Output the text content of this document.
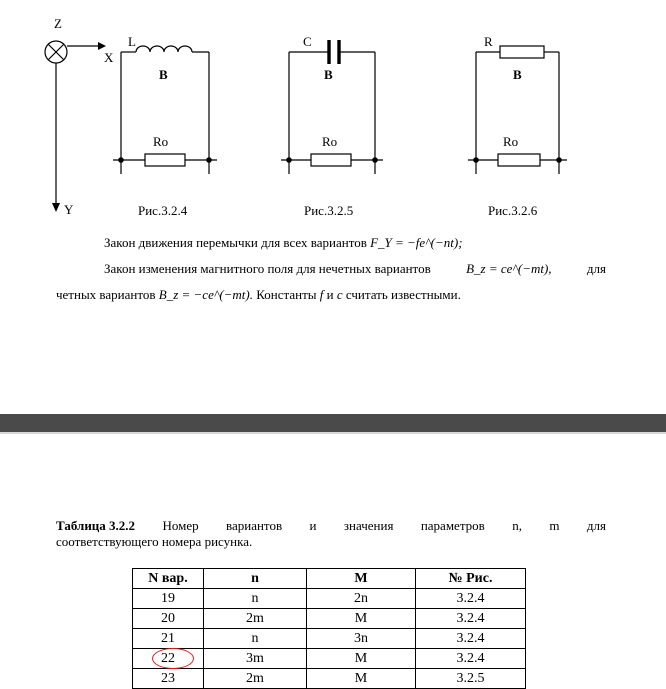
Z
X
Y
L
B
Ro
Рис.3.2.4
C
B
Ro
Рис.3.2.5
R
B
Ro
Рис.3.2.6
Закон движения перемычки для всех вариантов F_Y = −fe^(−nt);
Закон изменения магнитного поля для нечетных вариантов	B_z = ce^(−mt),	для
четных вариантов B_z = −ce^(−mt). Константы f и c считать известными.
Таблица 3.2.2 Номер вариантов и значения параметров n, m для
соответствующего номера рисунка.
N вар.	n	M	№ Рис.
19	n	2n	3.2.4
20	2m	M	3.2.4
21	n	3n	3.2.4
22	3m	M	3.2.4
23	2m	M	3.2.5
